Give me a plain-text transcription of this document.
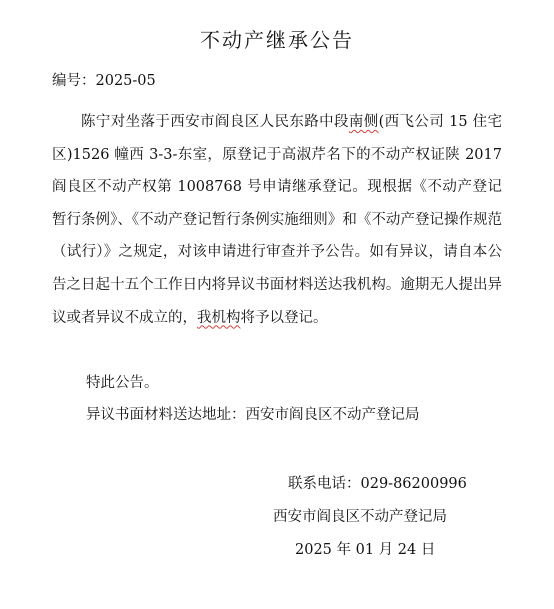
不动产继承公告
编号：2025-05

陈宁对坐落于西安市阎良区人民东路中段南侧(西飞公司 15 住宅区)1526 幢西 3-3-东室，原登记于高淑芹名下的不动产权证陕 2017 阎良区不动产权第 1008768 号申请继承登记。现根据《不动产登记暂行条例》、《不动产登记暂行条例实施细则》和《不动产登记操作规范（试行）》之规定，对该申请进行审查并予公告。如有异议，请自本公告之日起十五个工作日内将异议书面材料送达我机构。逾期无人提出异议或者异议不成立的，我机构将予以登记。

特此公告。
异议书面材料送达地址：西安市阎良区不动产登记局
联系电话：029-86200996
西安市阎良区不动产登记局
2025 年 01 月 24 日
